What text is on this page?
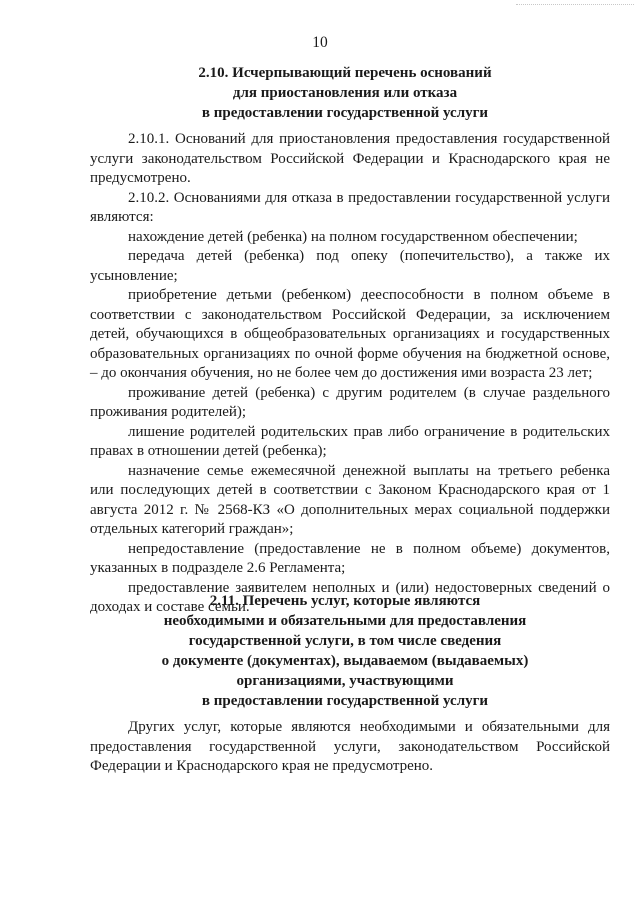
10
2.10. Исчерпывающий перечень оснований
для приостановления или отказа
в предоставлении государственной услуги

2.10.1. Оснований для приостановления предоставления государственной услуги законодательством Российской Федерации и Краснодарского края не предусмотрено.

2.10.2. Основаниями для отказа в предоставлении государственной услуги являются:

нахождение детей (ребенка) на полном государственном обеспечении;

передача детей (ребенка) под опеку (попечительство), а также их усыновление;

приобретение детьми (ребенком) дееспособности в полном объеме в соответствии с законодательством Российской Федерации, за исключением детей, обучающихся в общеобразовательных организациях и государственных образовательных организациях по очной форме обучения на бюджетной основе, – до окончания обучения, но не более чем до достижения ими возраста 23 лет;

проживание детей (ребенка) с другим родителем (в случае раздельного проживания родителей);

лишение родителей родительских прав либо ограничение в родительских правах в отношении детей (ребенка);

назначение семье ежемесячной денежной выплаты на третьего ребенка или последующих детей в соответствии с Законом Краснодарского края от 1 августа 2012 г. № 2568-КЗ «О дополнительных мерах социальной поддержки отдельных категорий граждан»;

непредоставление (предоставление не в полном объеме) документов, указанных в подразделе 2.6 Регламента;

предоставление заявителем неполных и (или) недостоверных сведений о доходах и составе семьи.

2.11. Перечень услуг, которые являются
необходимыми и обязательными для предоставления
государственной услуги, в том числе сведения
о документе (документах), выдаваемом (выдаваемых)
организациями, участвующими
в предоставлении государственной услуги

Других услуг, которые являются необходимыми и обязательными для предоставления государственной услуги, законодательством Российской Федерации и Краснодарского края не предусмотрено.
